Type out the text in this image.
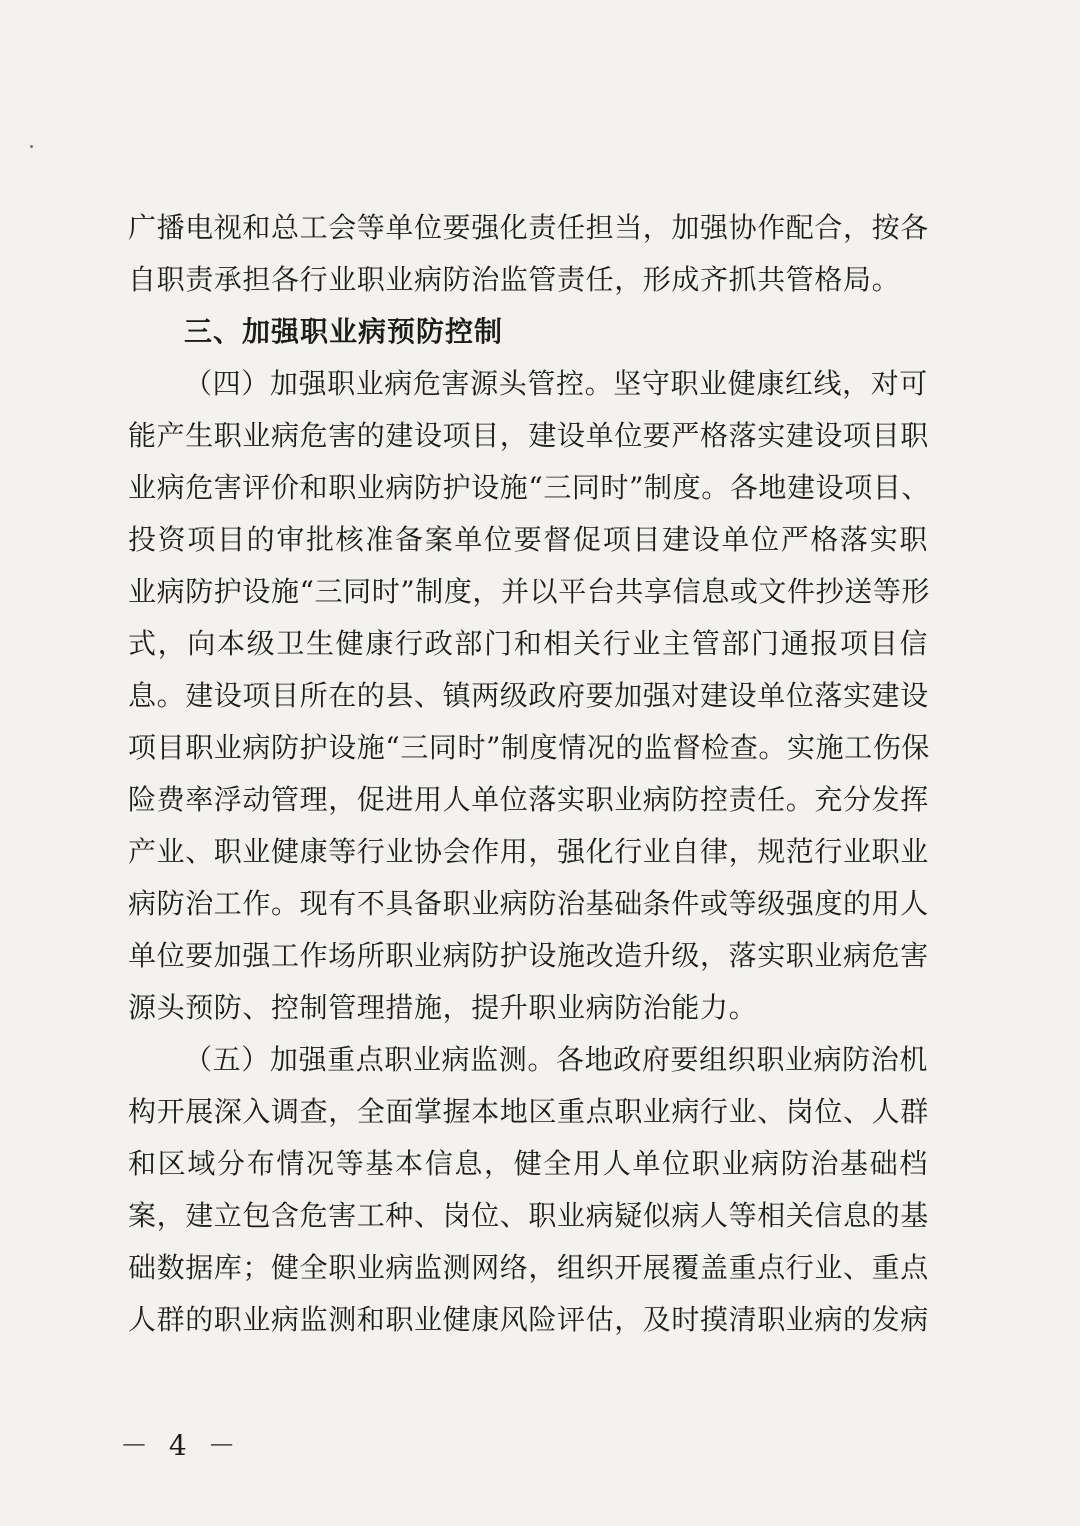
广播电视和总工会等单位要强化责任担当，加强协作配合，按各
自职责承担各行业职业病防治监管责任，形成齐抓共管格局。
三、加强职业病预防控制
（四）加强职业病危害源头管控。坚守职业健康红线，对可
能产生职业病危害的建设项目，建设单位要严格落实建设项目职
业病危害评价和职业病防护设施“三同时”制度。各地建设项目、
投资项目的审批核准备案单位要督促项目建设单位严格落实职
业病防护设施“三同时”制度，并以平台共享信息或文件抄送等形
式，向本级卫生健康行政部门和相关行业主管部门通报项目信
息。建设项目所在的县、镇两级政府要加强对建设单位落实建设
项目职业病防护设施“三同时”制度情况的监督检查。实施工伤保
险费率浮动管理，促进用人单位落实职业病防控责任。充分发挥
产业、职业健康等行业协会作用，强化行业自律，规范行业职业
病防治工作。现有不具备职业病防治基础条件或等级强度的用人
单位要加强工作场所职业病防护设施改造升级，落实职业病危害
源头预防、控制管理措施，提升职业病防治能力。
（五）加强重点职业病监测。各地政府要组织职业病防治机
构开展深入调查，全面掌握本地区重点职业病行业、岗位、人群
和区域分布情况等基本信息，健全用人单位职业病防治基础档
案，建立包含危害工种、岗位、职业病疑似病人等相关信息的基
础数据库；健全职业病监测网络，组织开展覆盖重点行业、重点
人群的职业病监测和职业健康风险评估，及时摸清职业病的发病
－ 4 －
